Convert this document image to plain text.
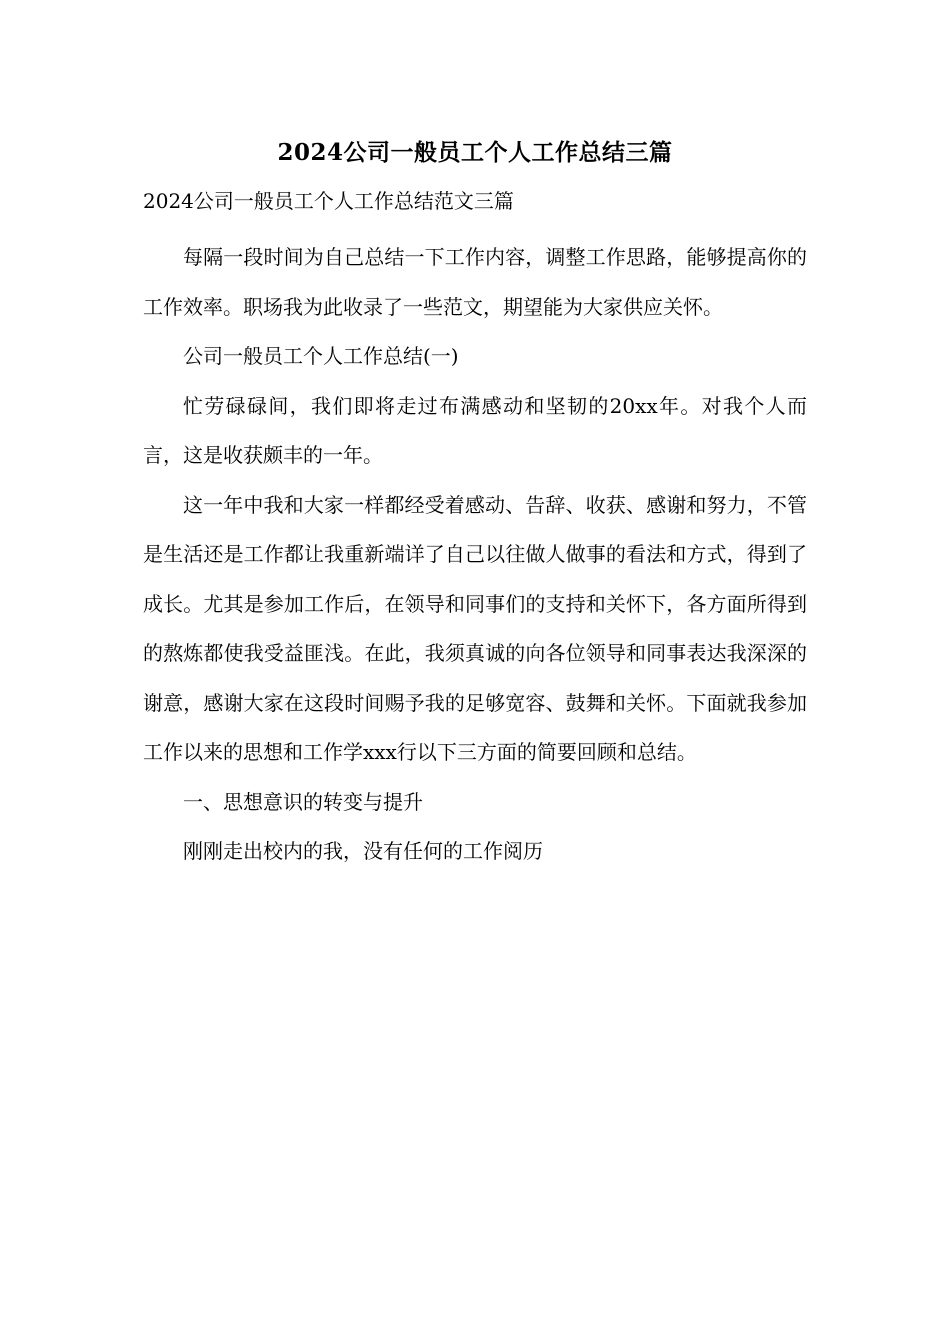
2024公司一般员工个人工作总结三篇
2024公司一般员工个人工作总结范文三篇

每隔一段时间为自己总结一下工作内容，调整工作思路，能够提高你的工作效率。职场我为此收录了一些范文，期望能为大家供应关怀。

公司一般员工个人工作总结(一)

忙劳碌碌间，我们即将走过布满感动和坚韧的20xx年。对我个人而言，这是收获颇丰的一年。

这一年中我和大家一样都经受着感动、告辞、收获、感谢和努力，不管是生活还是工作都让我重新端详了自己以往做人做事的看法和方式，得到了成长。尤其是参加工作后，在领导和同事们的支持和关怀下，各方面所得到的熬炼都使我受益匪浅。在此，我须真诚的向各位领导和同事表达我深深的谢意，感谢大家在这段时间赐予我的足够宽容、鼓舞和关怀。下面就我参加工作以来的思想和工作学xxx行以下三方面的简要回顾和总结。

一、思想意识的转变与提升

刚刚走出校内的我，没有任何的工作阅历
